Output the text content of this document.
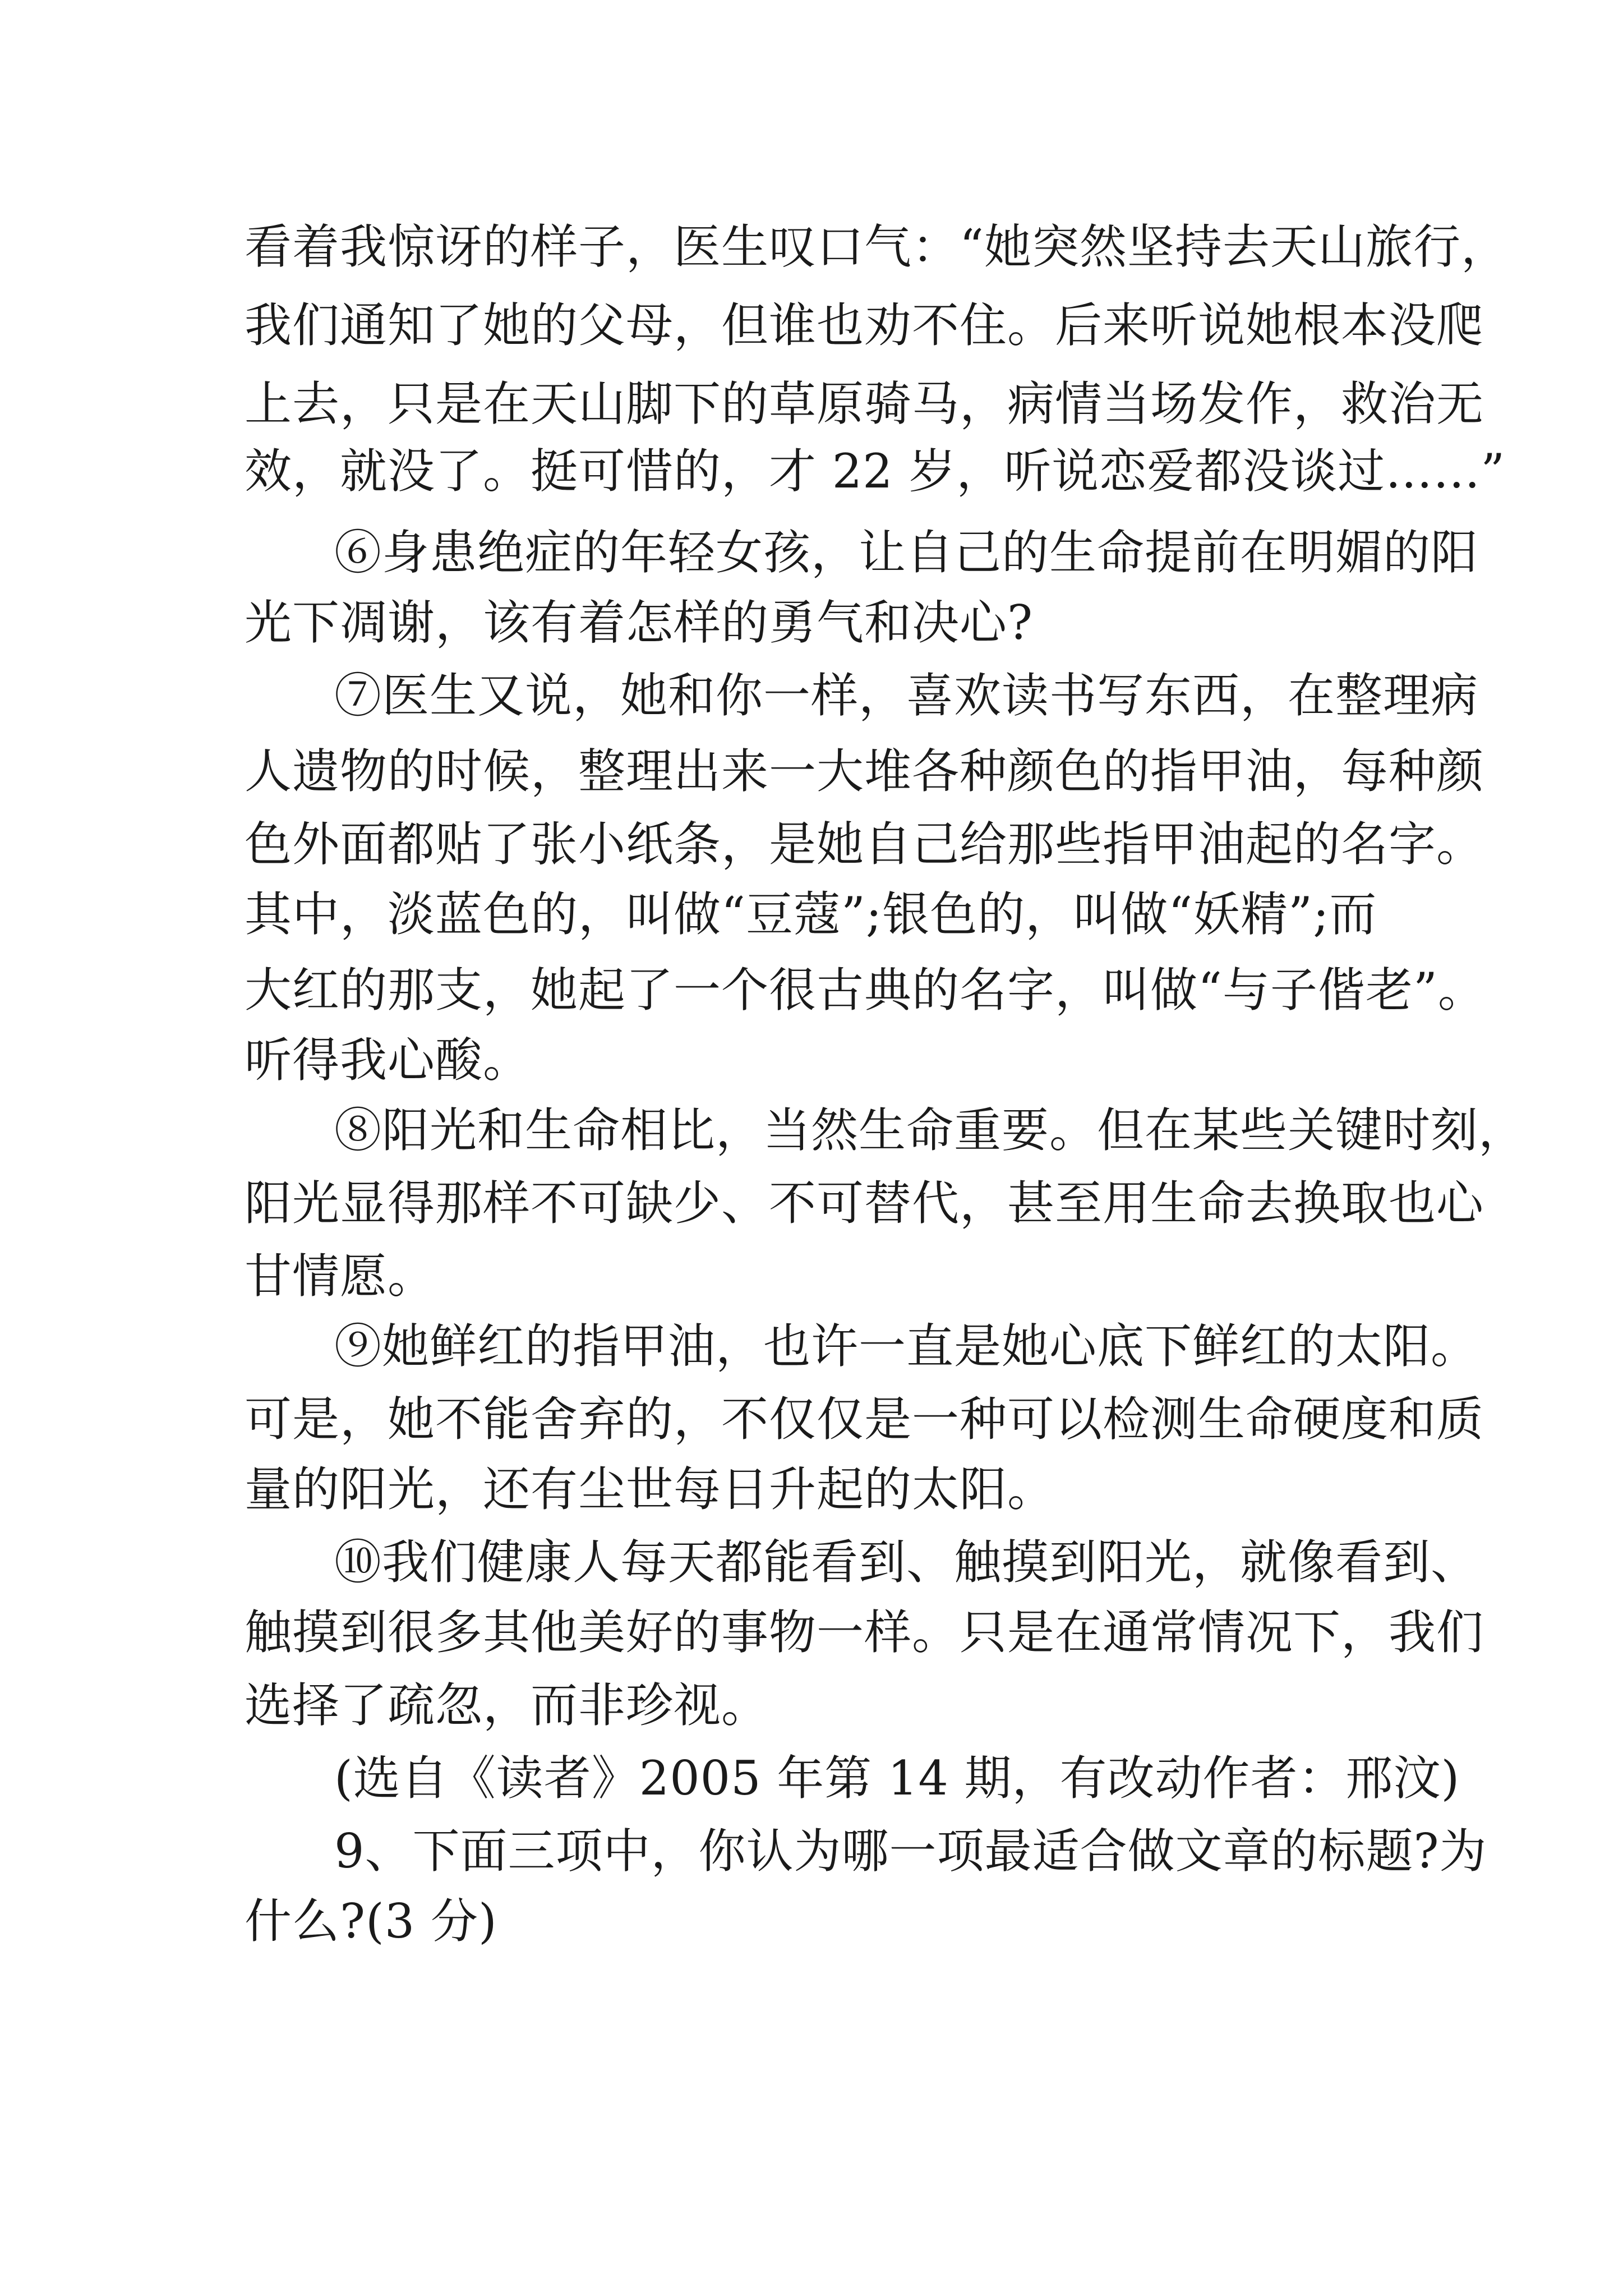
看着我惊讶的样子，医生叹口气：“她突然坚持去天山旅行，
我们通知了她的父母，但谁也劝不住。后来听说她根本没爬
上去，只是在天山脚下的草原骑马，病情当场发作，救治无
效，就没了。挺可惜的，才 22 岁，听说恋爱都没谈过……”
⑥身患绝症的年轻女孩，让自己的生命提前在明媚的阳
光下凋谢，该有着怎样的勇气和决心?
⑦医生又说，她和你一样，喜欢读书写东西，在整理病
人遗物的时候，整理出来一大堆各种颜色的指甲油，每种颜
色外面都贴了张小纸条，是她自己给那些指甲油起的名字。
其中，淡蓝色的，叫做“豆蔻”;银色的，叫做“妖精”;而
大红的那支，她起了一个很古典的名字，叫做“与子偕老”。
听得我心酸。
⑧阳光和生命相比，当然生命重要。但在某些关键时刻，
阳光显得那样不可缺少、不可替代，甚至用生命去换取也心
甘情愿。
⑨她鲜红的指甲油，也许一直是她心底下鲜红的太阳。
可是，她不能舍弃的，不仅仅是一种可以检测生命硬度和质
量的阳光，还有尘世每日升起的太阳。
⑩我们健康人每天都能看到、触摸到阳光，就像看到、
触摸到很多其他美好的事物一样。只是在通常情况下，我们
选择了疏忽，而非珍视。
(选自《读者》2005 年第 14 期，有改动作者：邢汶)
9、下面三项中，你认为哪一项最适合做文章的标题?为
什么?(3 分)
